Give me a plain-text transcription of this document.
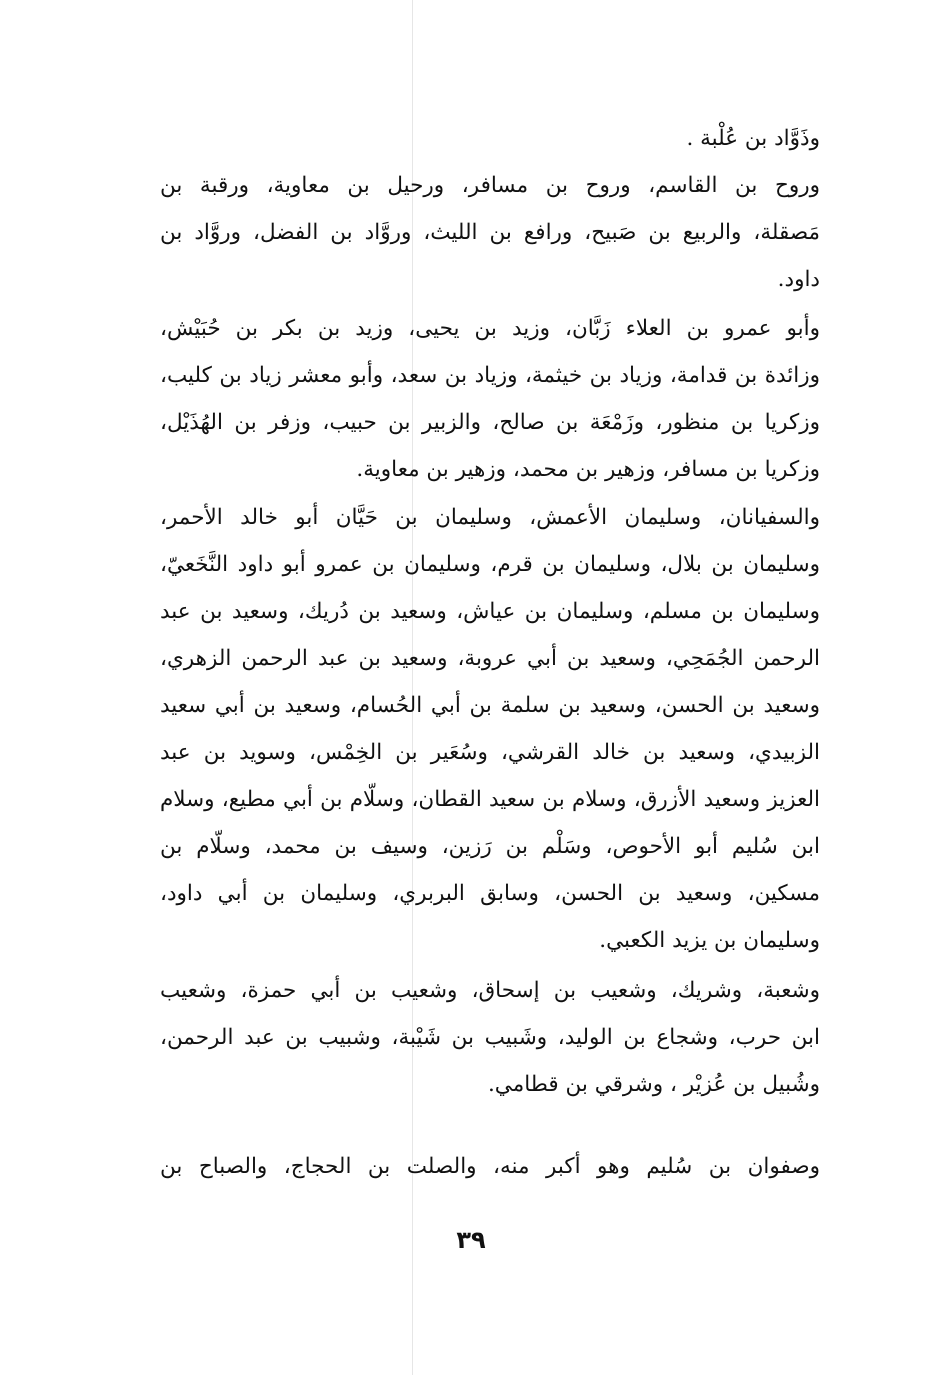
وذَوَّاد بن عُلْبة .
وروح بن القاسم، وروح بن مسافر، ورحيل بن معاوية، ورقبة بن
مَصقلة، والربيع بن صَبيح، ورافع بن الليث، وروَّاد بن الفضل، وروَّاد بن
داود.
وأبو عمرو بن العلاء زَبَّان، وزيد بن يحيى، وزيد بن بكر بن حُبَيْش،
وزائدة بن قدامة، وزياد بن خيثمة، وزياد بن سعد، وأبو معشر زياد بن كليب،
وزكريا بن منظور، وزَمْعَة بن صالح، والزبير بن حبيب، وزفر بن الهُذَيْل،
وزكريا بن مسافر، وزهير بن محمد، وزهير بن معاوية.
والسفيانان، وسليمان الأعمش، وسليمان بن حَيَّان أبو خالد الأحمر،
وسليمان بن بلال، وسليمان بن قرم، وسليمان بن عمرو أبو داود النَّخَعيّ،
وسليمان بن مسلم، وسليمان بن عياش، وسعيد بن دُريك، وسعيد بن عبد
الرحمن الجُمَحِي، وسعيد بن أبي عروبة، وسعيد بن عبد الرحمن الزهري،
وسعيد بن الحسن، وسعيد بن سلمة بن أبي الحُسام، وسعيد بن أبي سعيد
الزبيدي، وسعيد بن خالد القرشي، وسُعَير بن الخِمْس، وسويد بن عبد
العزيز وسعيد الأزرق، وسلام بن سعيد القطان، وسلّام بن أبي مطيع، وسلام
ابن سُليم أبو الأحوص، وسَلْم بن رَزين، وسيف بن محمد، وسلّام بن
مسكين، وسعيد بن الحسن، وسابق البربري، وسليمان بن أبي داود،
وسليمان بن يزيد الكعبي.
وشعبة، وشريك، وشعيب بن إسحاق، وشعيب بن أبي حمزة، وشعيب
ابن حرب، وشجاع بن الوليد، وشَبيب بن شَيْبة، وشبيب بن عبد الرحمن،
وشُبيل بن عُزيْر ، وشرقي بن قطامي.
وصفوان بن سُليم وهو أكبر منه، والصلت بن الحجاج، والصباح بن
٣٩
